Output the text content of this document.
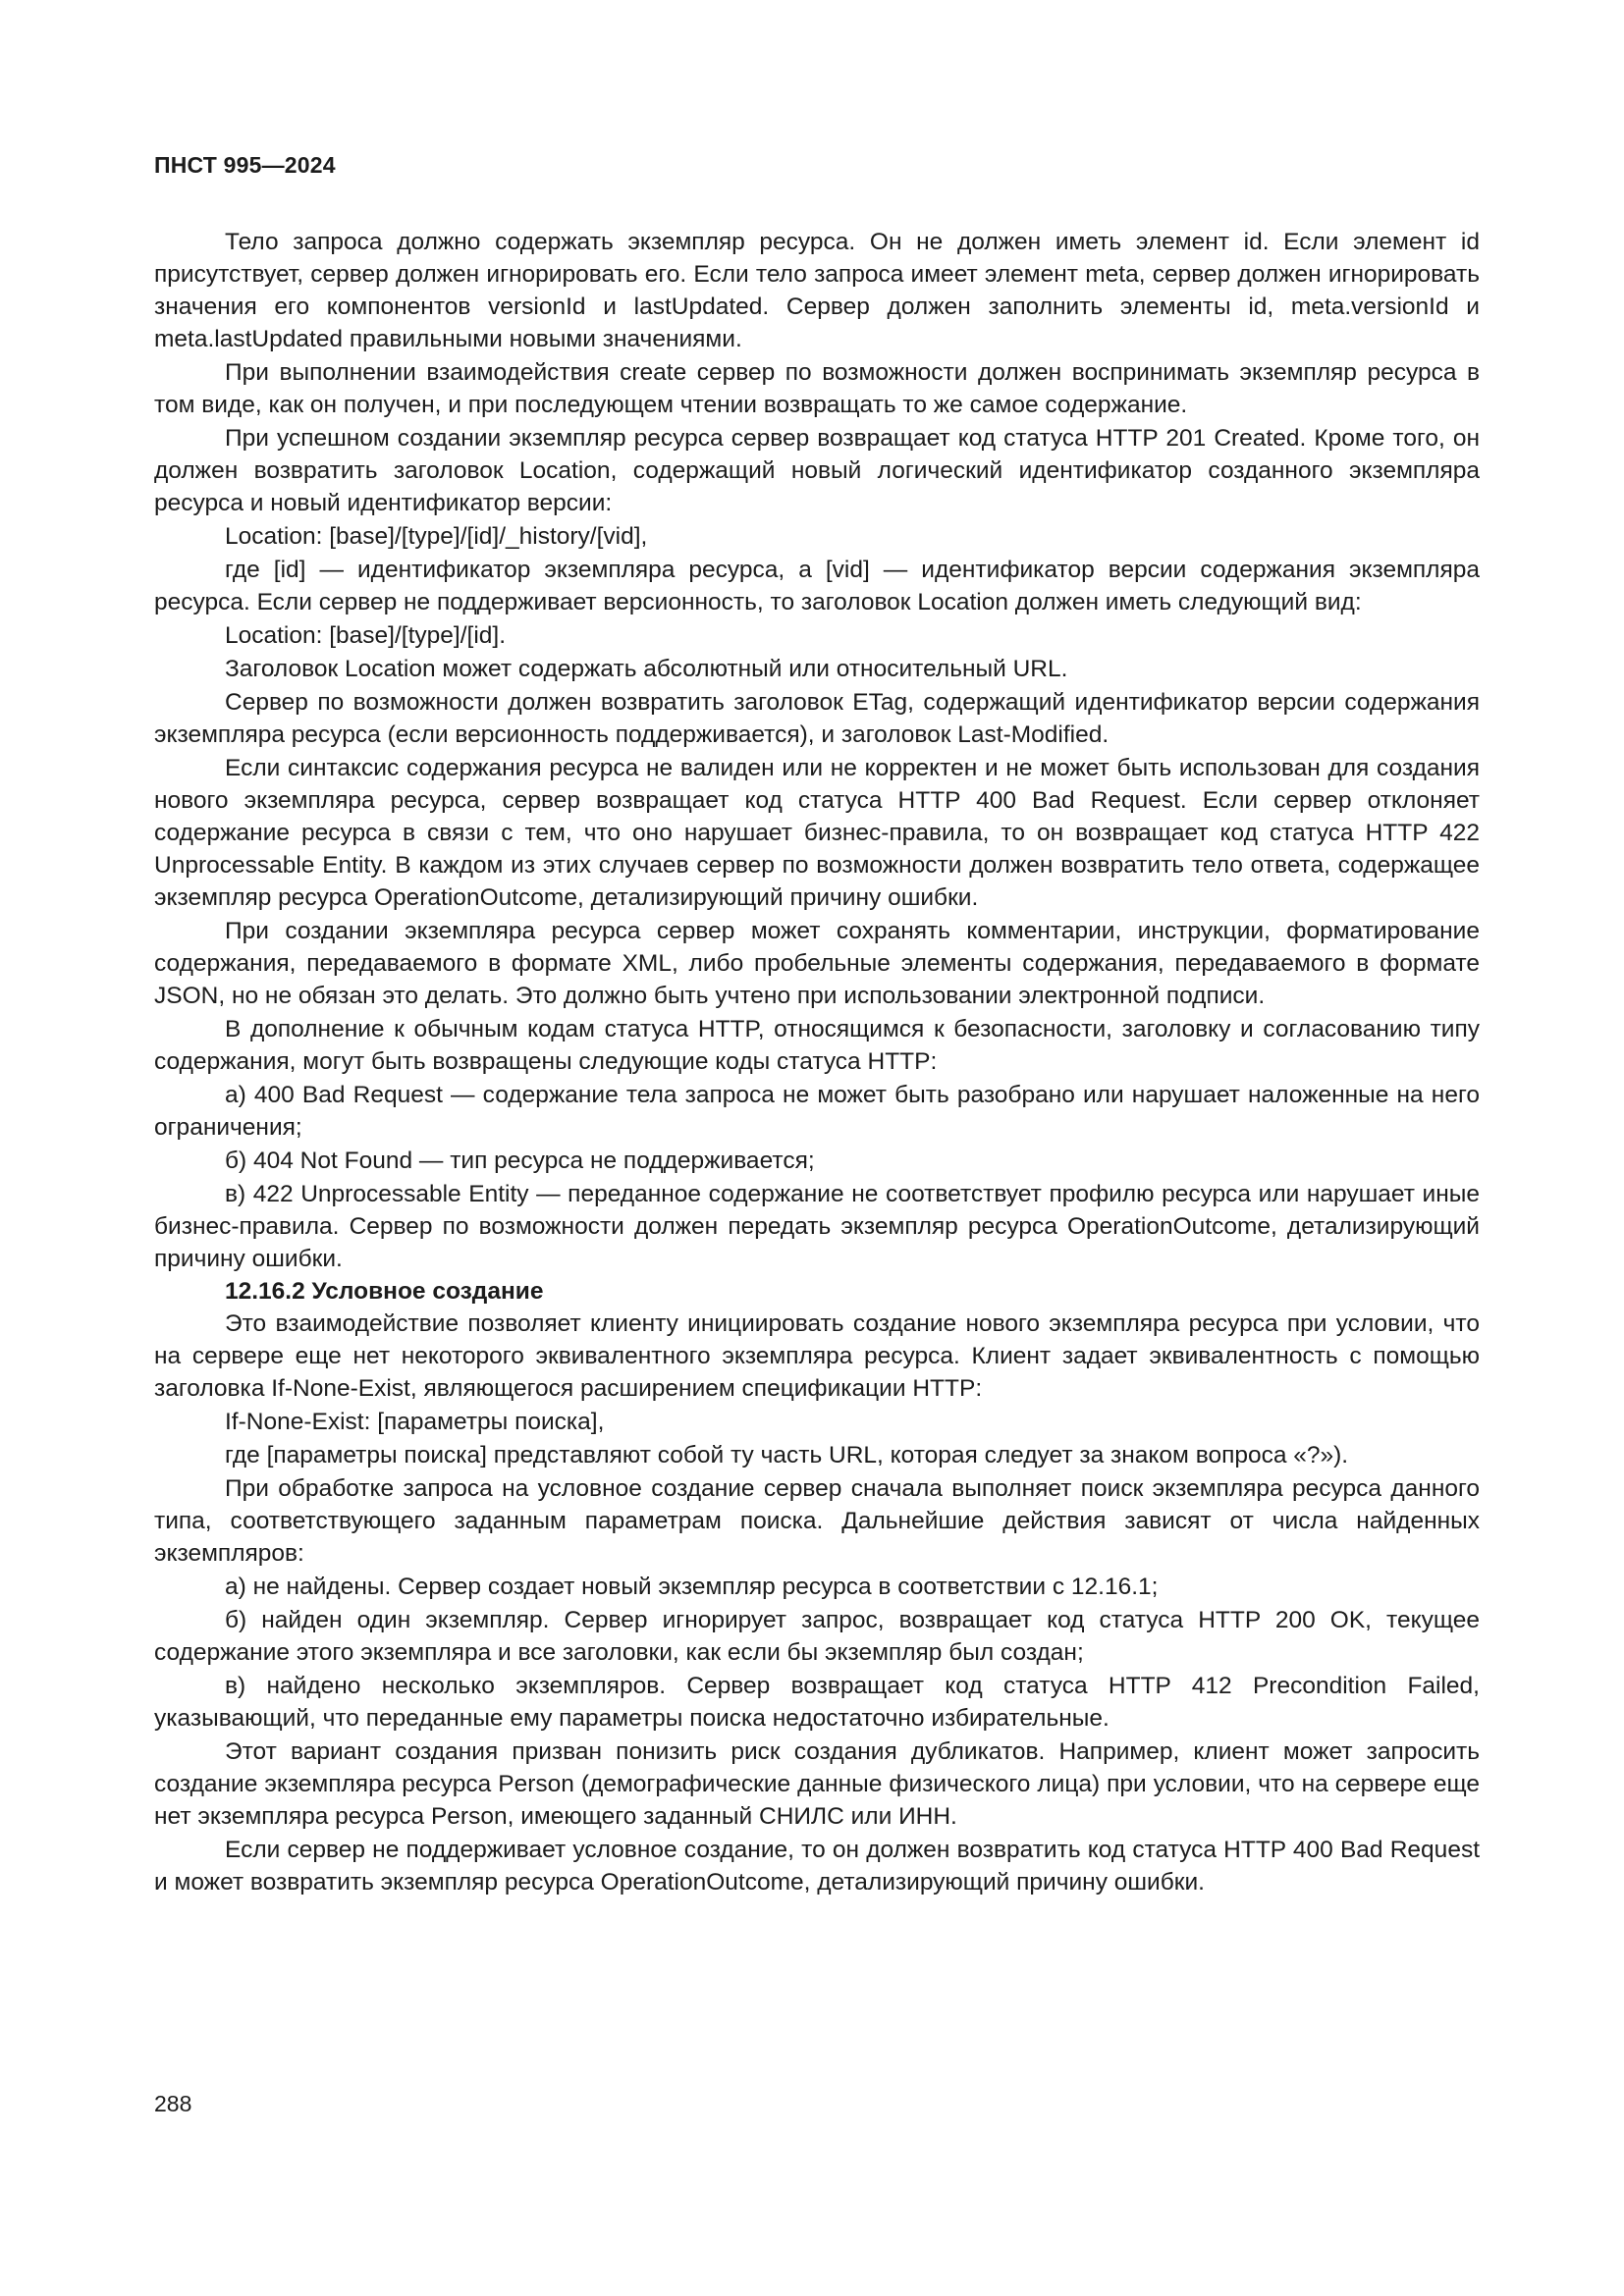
ПНСТ 995—2024

Тело запроса должно содержать экземпляр ресурса. Он не должен иметь элемент id. Если элемент id присутствует, сервер должен игнорировать его. Если тело запроса имеет элемент meta, сервер должен игнорировать значения его компонентов versionId и lastUpdated. Сервер должен заполнить элементы id, meta.versionId и meta.lastUpdated правильными новыми значениями.

При выполнении взаимодействия create сервер по возможности должен воспринимать экземпляр ресурса в том виде, как он получен, и при последующем чтении возвращать то же самое содержание.

При успешном создании экземпляр ресурса сервер возвращает код статуса HTTP 201 Created. Кроме того, он должен возвратить заголовок Location, содержащий новый логический идентификатор созданного экземпляра ресурса и новый идентификатор версии:

Location: [base]/[type]/[id]/_history/[vid],

где [id] — идентификатор экземпляра ресурса, а [vid] — идентификатор версии содержания экземпляра ресурса. Если сервер не поддерживает версионность, то заголовок Location должен иметь следующий вид:

Location: [base]/[type]/[id].

Заголовок Location может содержать абсолютный или относительный URL.

Сервер по возможности должен возвратить заголовок ETag, содержащий идентификатор версии содержания экземпляра ресурса (если версионность поддерживается), и заголовок Last-Modified.

Если синтаксис содержания ресурса не валиден или не корректен и не может быть использован для создания нового экземпляра ресурса, сервер возвращает код статуса HTTP 400 Bad Request. Если сервер отклоняет содержание ресурса в связи с тем, что оно нарушает бизнес-правила, то он возвращает код статуса HTTP 422 Unprocessable Entity. В каждом из этих случаев сервер по возможности должен возвратить тело ответа, содержащее экземпляр ресурса OperationOutcome, детализирующий причину ошибки.

При создании экземпляра ресурса сервер может сохранять комментарии, инструкции, форматирование содержания, передаваемого в формате XML, либо пробельные элементы содержания, передаваемого в формате JSON, но не обязан это делать. Это должно быть учтено при использовании электронной подписи.

В дополнение к обычным кодам статуса HTTP, относящимся к безопасности, заголовку и согласованию типу содержания, могут быть возвращены следующие коды статуса HTTP:

а) 400 Bad Request — содержание тела запроса не может быть разобрано или нарушает наложенные на него ограничения;

б) 404 Not Found — тип ресурса не поддерживается;

в) 422 Unprocessable Entity — переданное содержание не соответствует профилю ресурса или нарушает иные бизнес-правила. Сервер по возможности должен передать экземпляр ресурса OperationOutcome, детализирующий причину ошибки.

12.16.2 Условное создание

Это взаимодействие позволяет клиенту инициировать создание нового экземпляра ресурса при условии, что на сервере еще нет некоторого эквивалентного экземпляра ресурса. Клиент задает эквивалентность с помощью заголовка If-None-Exist, являющегося расширением спецификации HTTP:

If-None-Exist: [параметры поиска],

где [параметры поиска] представляют собой ту часть URL, которая следует за знаком вопроса «?»).

При обработке запроса на условное создание сервер сначала выполняет поиск экземпляра ресурса данного типа, соответствующего заданным параметрам поиска. Дальнейшие действия зависят от числа найденных экземпляров:

а) не найдены. Сервер создает новый экземпляр ресурса в соответствии с 12.16.1;

б) найден один экземпляр. Сервер игнорирует запрос, возвращает код статуса HTTP 200 OK, текущее содержание этого экземпляра и все заголовки, как если бы экземпляр был создан;

в) найдено несколько экземпляров. Сервер возвращает код статуса HTTP 412 Precondition Failed, указывающий, что переданные ему параметры поиска недостаточно избирательные.

Этот вариант создания призван понизить риск создания дубликатов. Например, клиент может запросить создание экземпляра ресурса Person (демографические данные физического лица) при условии, что на сервере еще нет экземпляра ресурса Person, имеющего заданный СНИЛС или ИНН.

Если сервер не поддерживает условное создание, то он должен возвратить код статуса HTTP 400 Bad Request и может возвратить экземпляр ресурса OperationOutcome, детализирующий причину ошибки.

288
